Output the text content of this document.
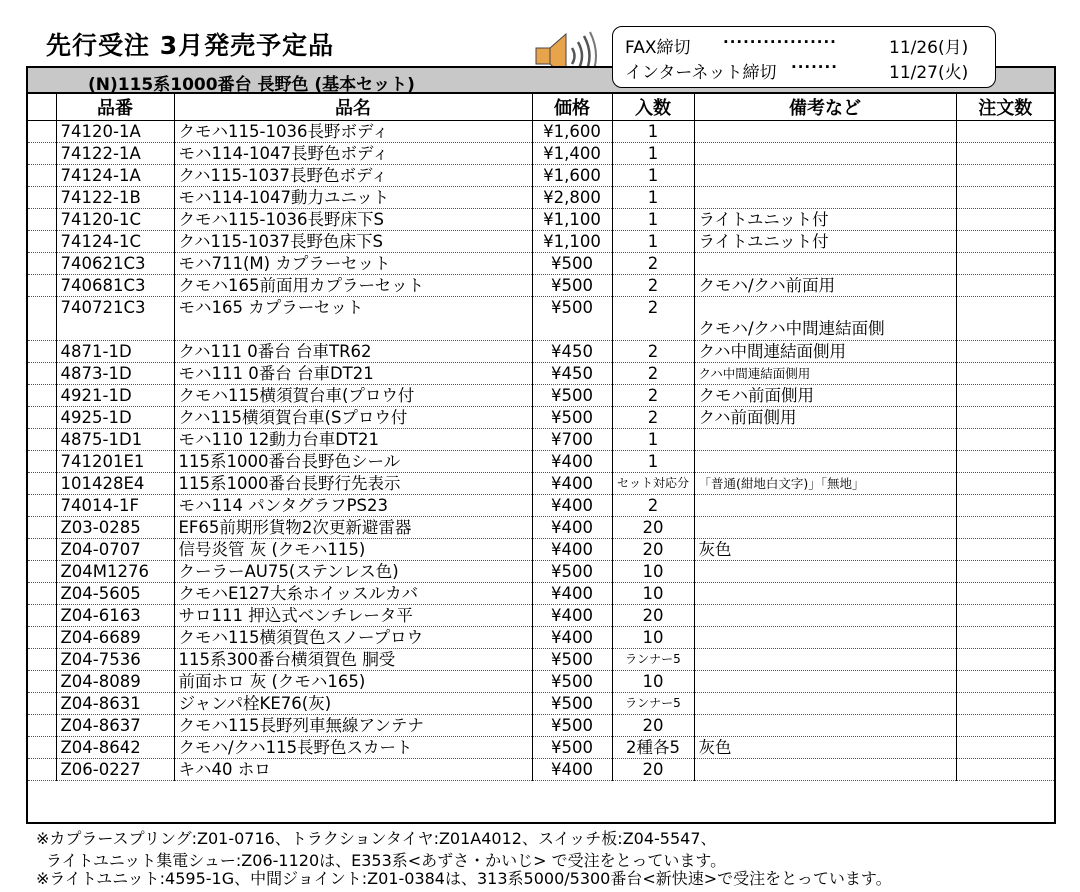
先行受注 3月発売予定品	FAX締切 ·················	11/26(月)
インターネット締切 ·······	11/27(火)
(N)115系1000番台 長野色 (基本セット)
	品番	品名	価格	入数	備考など	注文数
	74120-1A	クモハ115-1036長野ボディ	¥1,600	1		
	74122-1A	モハ114-1047長野色ボディ	¥1,400	1		
	74124-1A	クハ115-1037長野色ボディ	¥1,600	1		
	74122-1B	モハ114-1047動力ユニット	¥2,800	1		
	74120-1C	クモハ115-1036長野床下S	¥1,100	1	ライトユニット付	
	74124-1C	クハ115-1037長野色床下S	¥1,100	1	ライトユニット付	
	740621C3	モハ711(M) カプラーセット	¥500	2		
	740681C3	クモハ165前面用カプラーセット	¥500	2	クモハ/クハ前面用	
	740721C3	モハ165 カプラーセット	¥500	2	クモハ/クハ中間連結面側	
	4871-1D	クハ111 0番台 台車TR62	¥450	2	クハ中間連結面側用	
	4873-1D	モハ111 0番台 台車DT21	¥450	2	クハ中間連結面側用	
	4921-1D	クモハ115横須賀台車(プロウ付	¥500	2	クモハ前面側用	
	4925-1D	クハ115横須賀台車(Sプロウ付	¥500	2	クハ前面側用	
	4875-1D1	モハ110 12動力台車DT21	¥700	1		
	741201E1	115系1000番台長野色シール	¥400	1		
	101428E4	115系1000番台長野行先表示	¥400	セット対応分	「普通(紺地白文字)」「無地」	
	74014-1F	モハ114 パンタグラフPS23	¥400	2		
	Z03-0285	EF65前期形貨物2次更新避雷器	¥400	20		
	Z04-0707	信号炎管 灰 (クモハ115)	¥400	20	灰色	
	Z04M1276	クーラーAU75(ステンレス色)	¥500	10		
	Z04-5605	クモハE127大糸ホイッスルカバ	¥400	10		
	Z04-6163	サロ111 押込式ベンチレータ平	¥400	20		
	Z04-6689	クモハ115横須賀色スノープロウ	¥400	10		
	Z04-7536	115系300番台横須賀色 胴受	¥500	ランナー5		
	Z04-8089	前面ホロ 灰 (クモハ165)	¥500	10		
	Z04-8631	ジャンパ栓KE76(灰)	¥500	ランナー5		
	Z04-8637	クモハ115長野列車無線アンテナ	¥500	20		
	Z04-8642	クモハ/クハ115長野色スカート	¥500	2種各5	灰色	
	Z06-0227	キハ40 ホロ	¥400	20		
※カプラースプリング:Z01-0716、トラクションタイヤ:Z01A4012、スイッチ板:Z04-5547、
ライトユニット集電シュー:Z06-1120は、E353系<あずさ・かいじ> で受注をとっています。
※ライトユニット:4595-1G、中間ジョイント:Z01-0384は、313系5000/5300番台<新快速>で受注をとっています。
